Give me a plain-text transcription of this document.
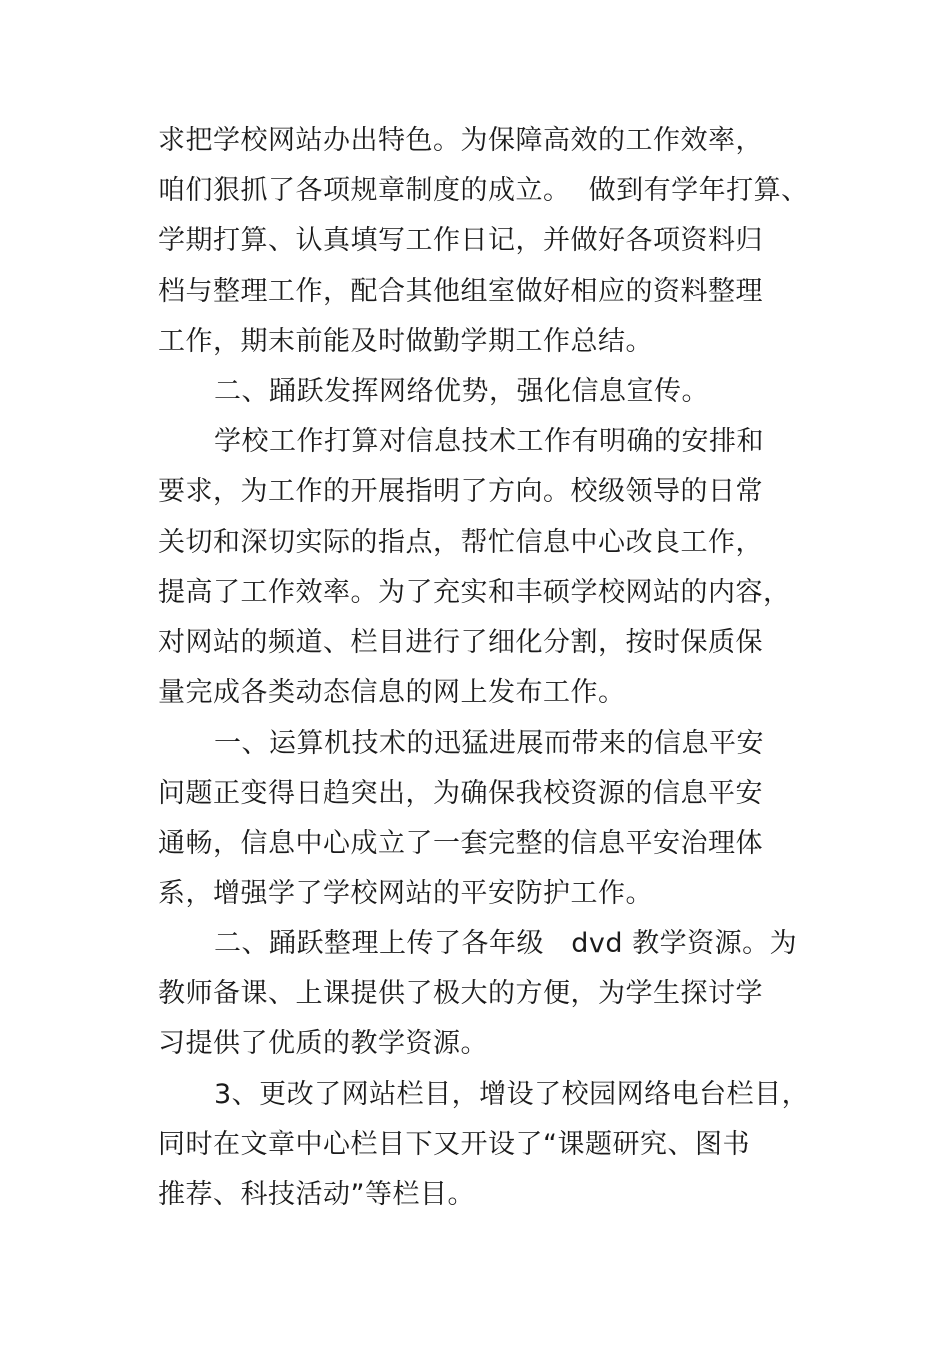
求把学校网站办出特色。为保障高效的工作效率，
咱们狠抓了各项规章制度的成立。  做到有学年打算、
学期打算、认真填写工作日记，并做好各项资料归
档与整理工作，配合其他组室做好相应的资料整理
工作，期末前能及时做勤学期工作总结。
二、踊跃发挥网络优势，强化信息宣传。
学校工作打算对信息技术工作有明确的安排和
要求，为工作的开展指明了方向。校级领导的日常
关切和深切实际的指点，帮忙信息中心改良工作，
提高了工作效率。为了充实和丰硕学校网站的内容，
对网站的频道、栏目进行了细化分割，按时保质保
量完成各类动态信息的网上发布工作。
一、运算机技术的迅猛进展而带来的信息平安
问题正变得日趋突出，为确保我校资源的信息平安
通畅，信息中心成立了一套完整的信息平安治理体
系，增强学了学校网站的平安防护工作。
二、踊跃整理上传了各年级   dvd 教学资源。为
教师备课、上课提供了极大的方便，为学生探讨学
习提供了优质的教学资源。
3、更改了网站栏目，增设了校园网络电台栏目，
同时在文章中心栏目下又开设了“课题研究、图书
推荐、科技活动”等栏目。
